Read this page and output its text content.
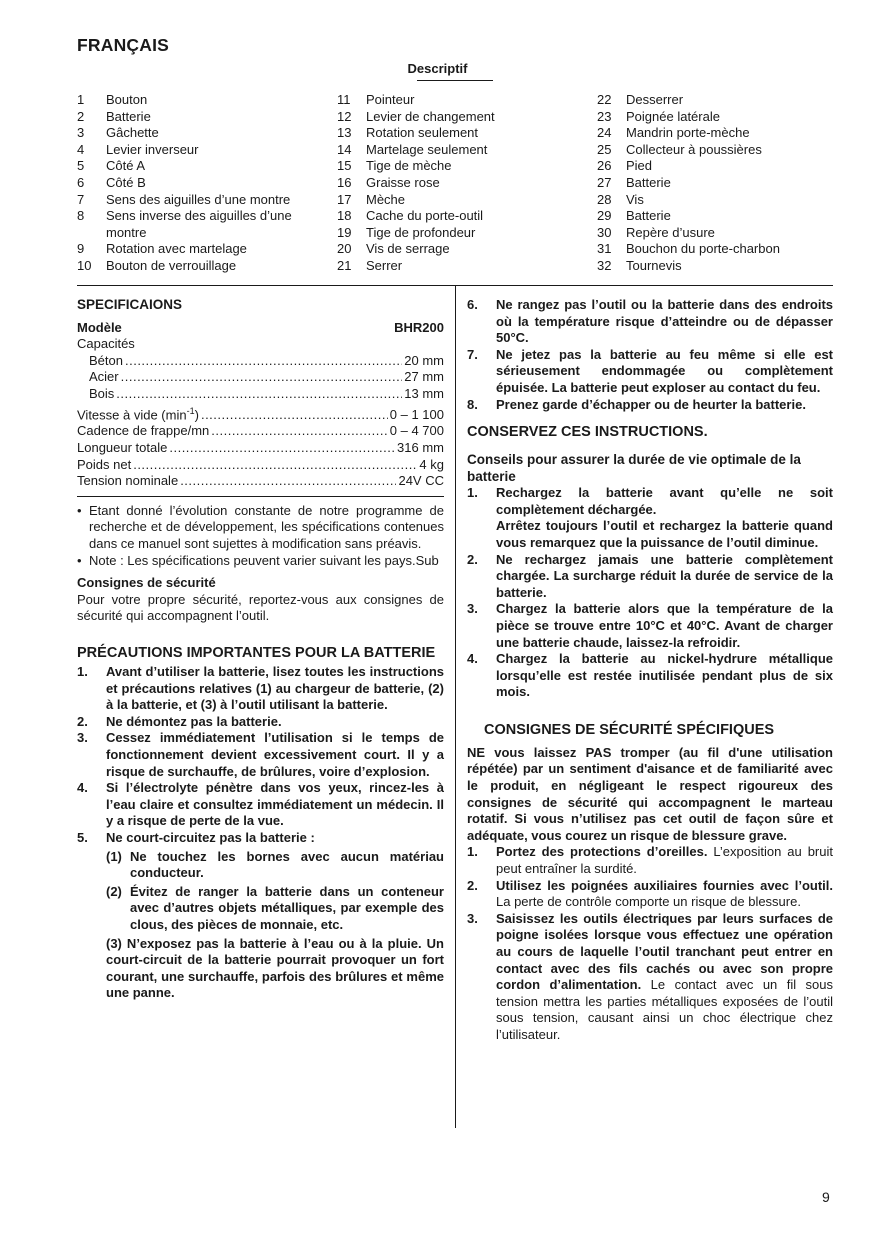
FRANÇAIS
Descriptif
1	Bouton
2	Batterie
3	Gâchette
4	Levier inverseur
5	Côté A
6	Côté B
7	Sens des aiguilles d’une montre
8	Sens inverse des aiguilles d’une montre
9	Rotation avec martelage
10	Bouton de verrouillage
11	Pointeur
12	Levier de changement
13	Rotation seulement
14	Martelage seulement
15	Tige de mèche
16	Graisse rose
17	Mèche
18	Cache du porte-outil
19	Tige de profondeur
20	Vis de serrage
21	Serrer
22	Desserrer
23	Poignée latérale
24	Mandrin porte-mèche
25	Collecteur à poussières
26	Pied
27	Batterie
28	Vis
29	Batterie
30	Repère d’usure
31	Bouchon du porte-charbon
32	Tournevis
SPECIFICAIONS
Modèle	BHR200
Capacités
Béton .....	20 mm
Acier .....	27 mm
Bois .....	13 mm
Vitesse à vide $(\min^{-1})$ .....	0 – 1 100
Cadence de frappe/mn .....	0 – 4 700
Longueur totale .....	316 mm
Poids net .....	4 kg
Tension nominale .....	24V CC
• Etant donné l’évolution constante de notre programme de recherche et de développement, les spécifications contenues dans ce manuel sont sujettes à modification sans préavis.
• Note : Les spécifications peuvent varier suivant les pays.Sub
Consignes de sécurité
Pour votre propre sécurité, reportez-vous aux consignes de sécurité qui accompagnent l’outil.
PRÉCAUTIONS IMPORTANTES POUR LA BATTERIE
1.	Avant d’utiliser la batterie, lisez toutes les instructions et précautions relatives (1) au chargeur de batterie, (2) à la batterie, et (3) à l’outil utilisant la batterie.
2.	Ne démontez pas la batterie.
3.	Cessez immédiatement l’utilisation si le temps de fonctionnement devient excessivement court. Il y a risque de surchauffe, de brûlures, voire d’explosion.
4.	Si l’électrolyte pénètre dans vos yeux, rincez-les à l’eau claire et consultez immédiatement un médecin. Il y a risque de perte de la vue.
5.	Ne court-circuitez pas la batterie :
(1) Ne touchez les bornes avec aucun matériau conducteur.
(2) Évitez de ranger la batterie dans un conteneur avec d’autres objets métalliques, par exemple des clous, des pièces de monnaie, etc.
(3) N’exposez pas la batterie à l’eau ou à la pluie. Un court-circuit de la batterie pourrait provoquer un fort courant, une surchauffe, parfois des brûlures et même une panne.
6.	Ne rangez pas l’outil ou la batterie dans des endroits où la température risque d’atteindre ou de dépasser 50°C.
7.	Ne jetez pas la batterie au feu même si elle est sérieusement endommagée ou complètement épuisée. La batterie peut exploser au contact du feu.
8.	Prenez garde d’échapper ou de heurter la batterie.
CONSERVEZ CES INSTRUCTIONS.
Conseils pour assurer la durée de vie optimale de la batterie
1.	Rechargez la batterie avant qu’elle ne soit complètement déchargée.
Arrêtez toujours l’outil et rechargez la batterie quand vous remarquez que la puissance de l’outil diminue.
2.	Ne rechargez jamais une batterie complètement chargée. La surcharge réduit la durée de service de la batterie.
3.	Chargez la batterie alors que la température de la pièce se trouve entre 10°C et 40°C. Avant de charger une batterie chaude, laissez-la refroidir.
4.	Chargez la batterie au nickel-hydrure métallique lorsqu’elle est restée inutilisée pendant plus de six mois.
CONSIGNES DE SÉCURITÉ SPÉCIFIQUES
NE vous laissez PAS tromper (au fil d'une utilisation répétée) par un sentiment d'aisance et de familiarité avec le produit, en négligeant le respect rigoureux des consignes de sécurité qui accompagnent le marteau rotatif. Si vous n’utilisez pas cet outil de façon sûre et adéquate, vous courez un risque de blessure grave.
1.	Portez des protections d’oreilles. L’exposition au bruit peut entraîner la surdité.
2.	Utilisez les poignées auxiliaires fournies avec l’outil. La perte de contrôle comporte un risque de blessure.
3.	Saisissez les outils électriques par leurs surfaces de poigne isolées lorsque vous effectuez une opération au cours de laquelle l’outil tranchant peut entrer en contact avec des fils cachés ou avec son propre cordon d’alimentation. Le contact avec un fil sous tension mettra les parties métalliques exposées de l’outil sous tension, causant ainsi un choc électrique chez l’utilisateur.
9
